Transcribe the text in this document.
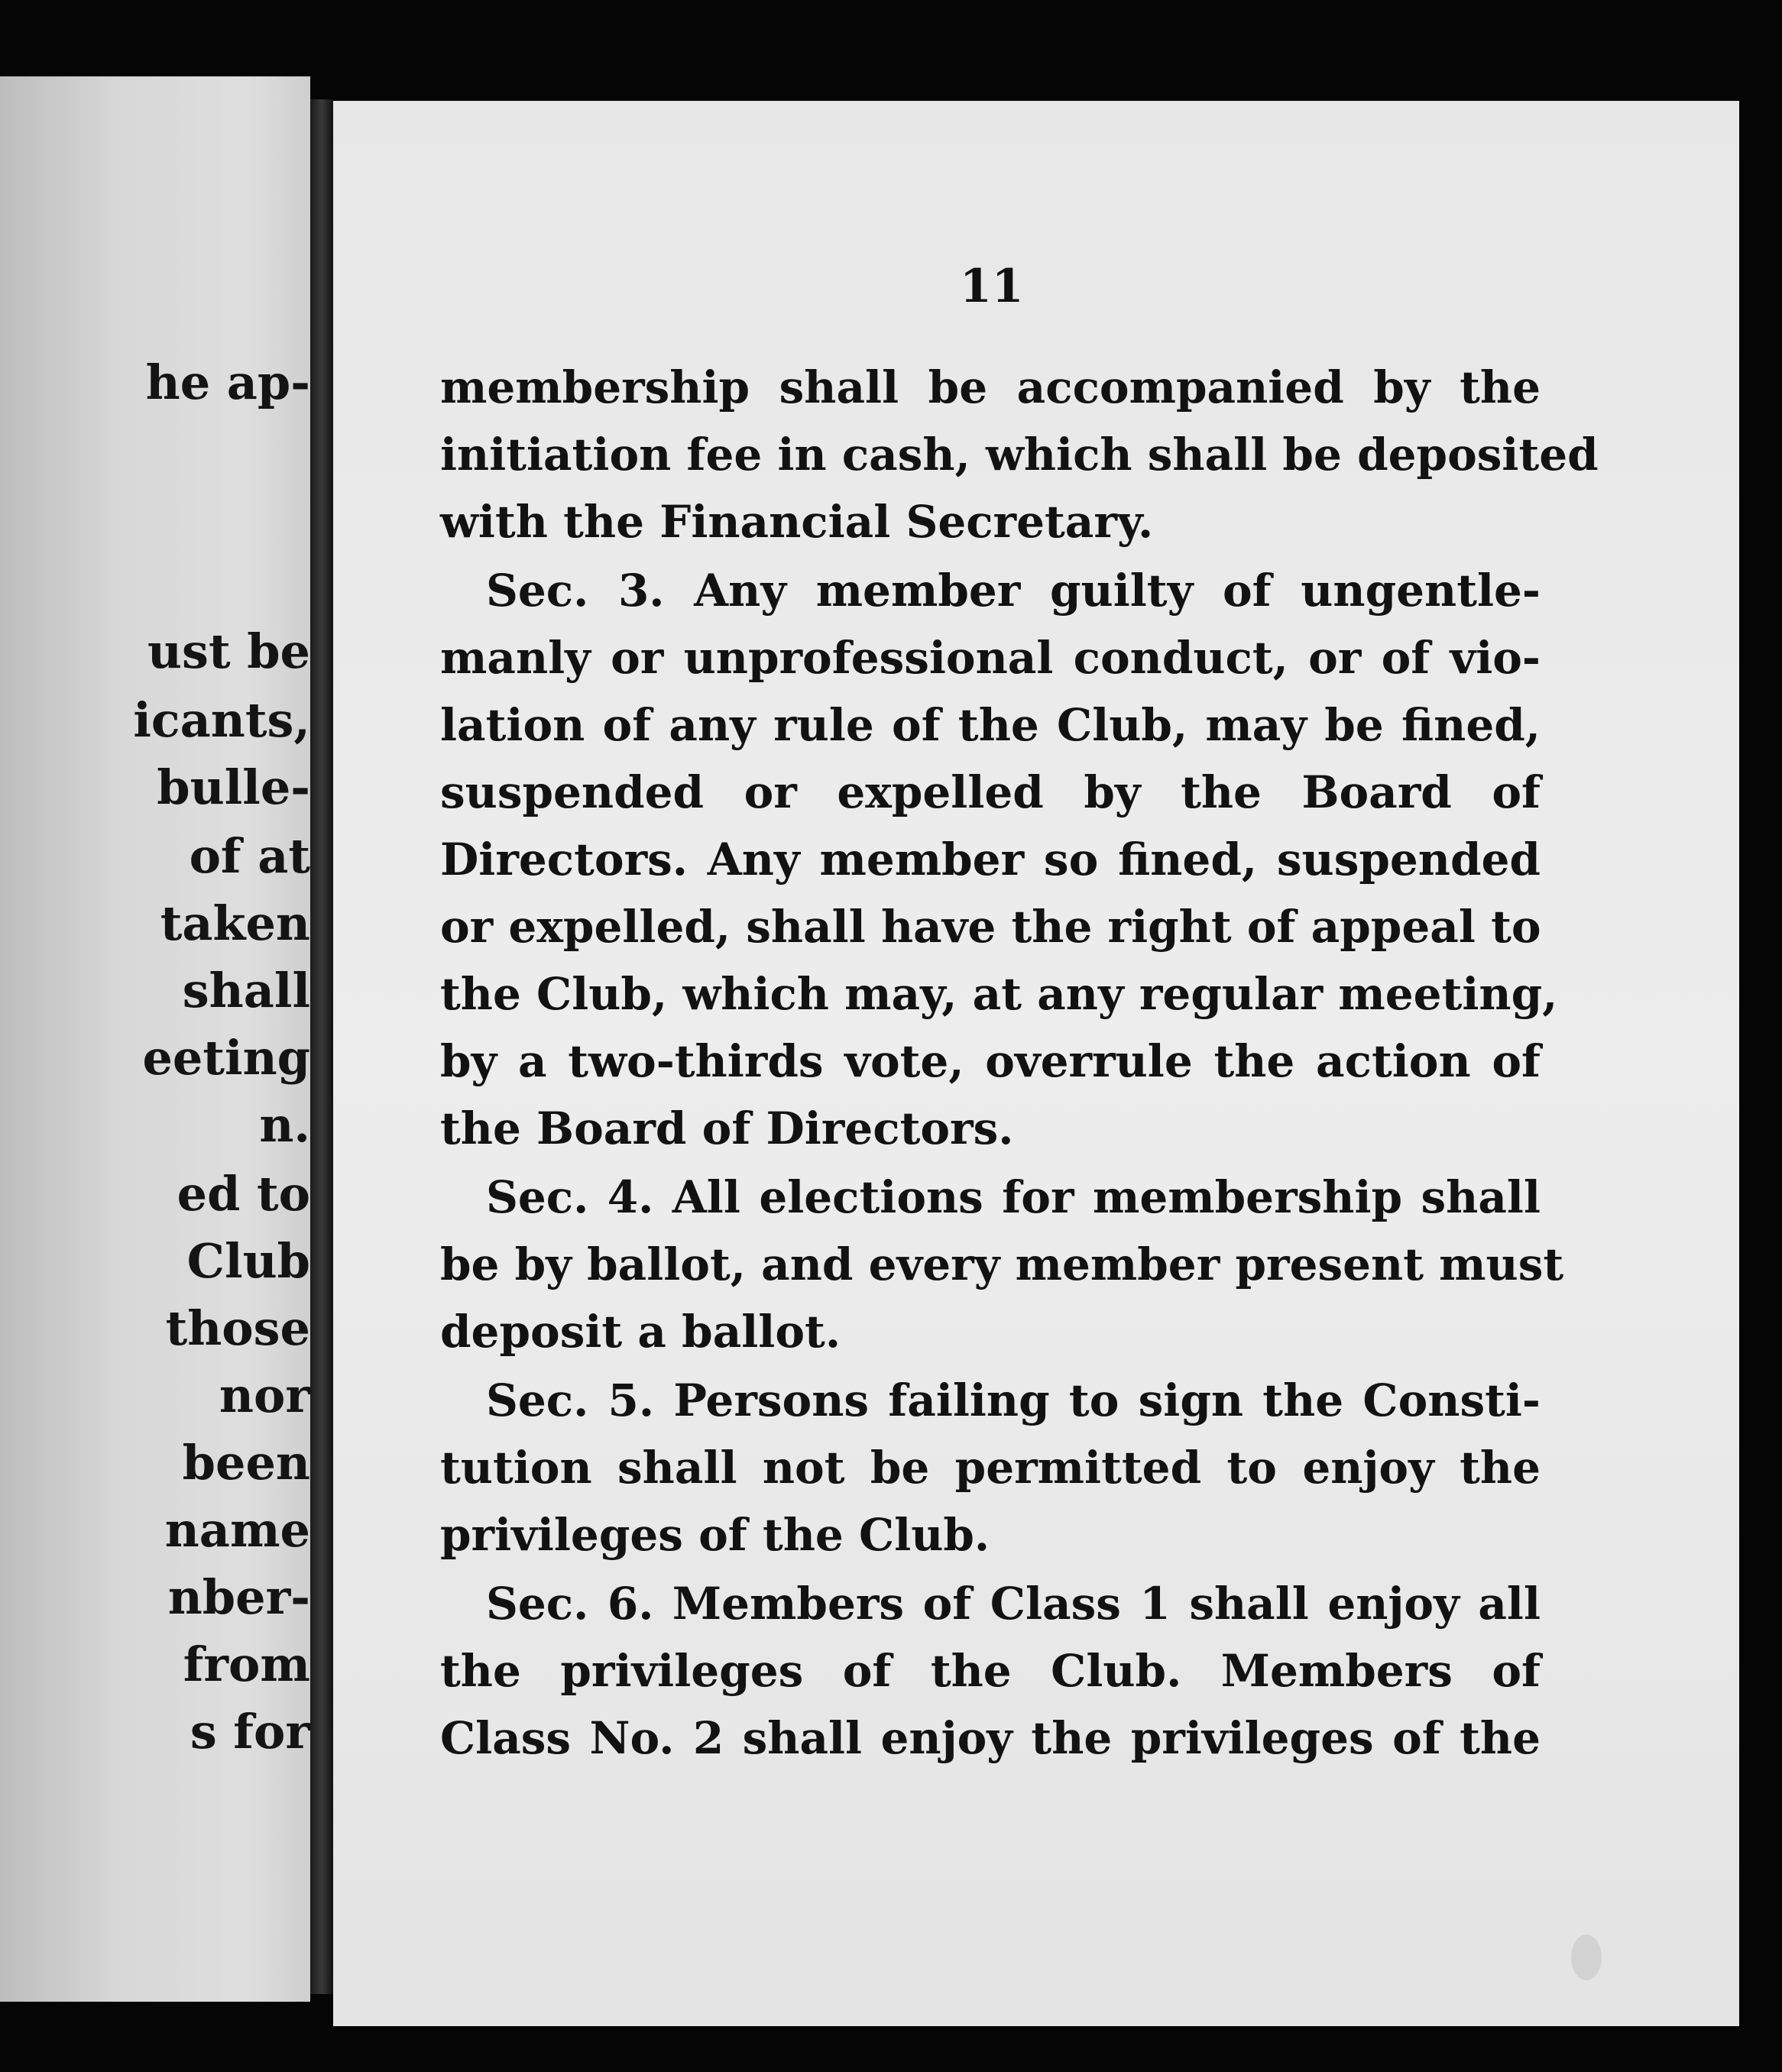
he ap-
ust be
icants,
bulle-
of at
taken
shall
eeting
n.
ed to
Club
those
nor
been
name
nber-
from
s for
11
membership shall be accompanied by the
initiation fee in cash, which shall be deposited
with the Financial Secretary.
Sec. 3. Any member guilty of ungentle-
manly or unprofessional conduct, or of vio-
lation of any rule of the Club, may be fined,
suspended or expelled by the Board of
Directors. Any member so fined, suspended
or expelled, shall have the right of appeal to
the Club, which may, at any regular meeting,
by a two-thirds vote, overrule the action of
the Board of Directors.
Sec. 4. All elections for membership shall
be by ballot, and every member present must
deposit a ballot.
Sec. 5. Persons failing to sign the Consti-
tution shall not be permitted to enjoy the
privileges of the Club.
Sec. 6. Members of Class 1 shall enjoy all
the privileges of the Club. Members of
Class No. 2 shall enjoy the privileges of the
